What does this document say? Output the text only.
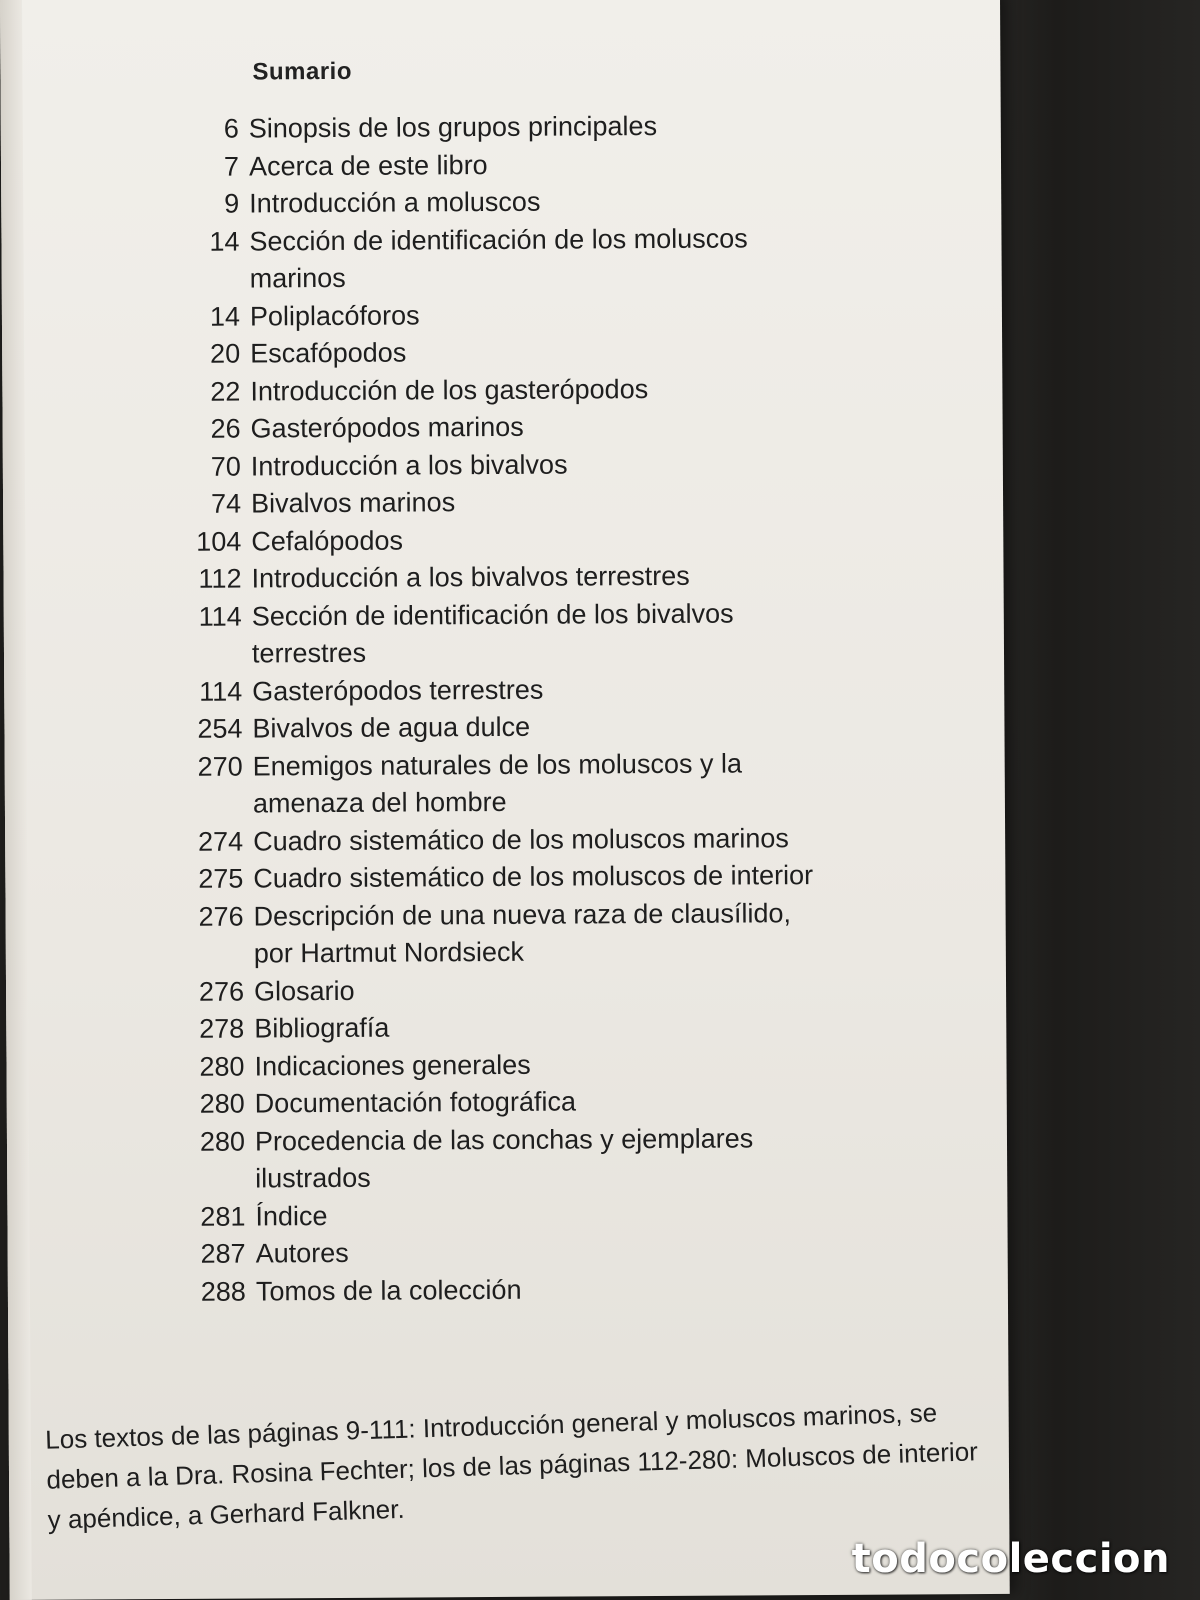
Sumario
6 Sinopsis de los grupos principales
7 Acerca de este libro
9 Introducción a moluscos
14 Sección de identificación de los moluscos marinos
14 Poliplacóforos
20 Escafópodos
22 Introducción de los gasterópodos
26 Gasterópodos marinos
70 Introducción a los bivalvos
74 Bivalvos marinos
104 Cefalópodos
112 Introducción a los bivalvos terrestres
114 Sección de identificación de los bivalvos terrestres
114 Gasterópodos terrestres
254 Bivalvos de agua dulce
270 Enemigos naturales de los moluscos y la amenaza del hombre
274 Cuadro sistemático de los moluscos marinos
275 Cuadro sistemático de los moluscos de interior
276 Descripción de una nueva raza de clausílido, por Hartmut Nordsieck
276 Glosario
278 Bibliografía
280 Indicaciones generales
280 Documentación fotográfica
280 Procedencia de las conchas y ejemplares ilustrados
281 Índice
287 Autores
288 Tomos de la colección
Los textos de las páginas 9-111: Introducción general y moluscos marinos, se deben a la Dra. Rosina Fechter; los de las páginas 112-280: Moluscos de interior y apéndice, a Gerhard Falkner.
todocoleccion
